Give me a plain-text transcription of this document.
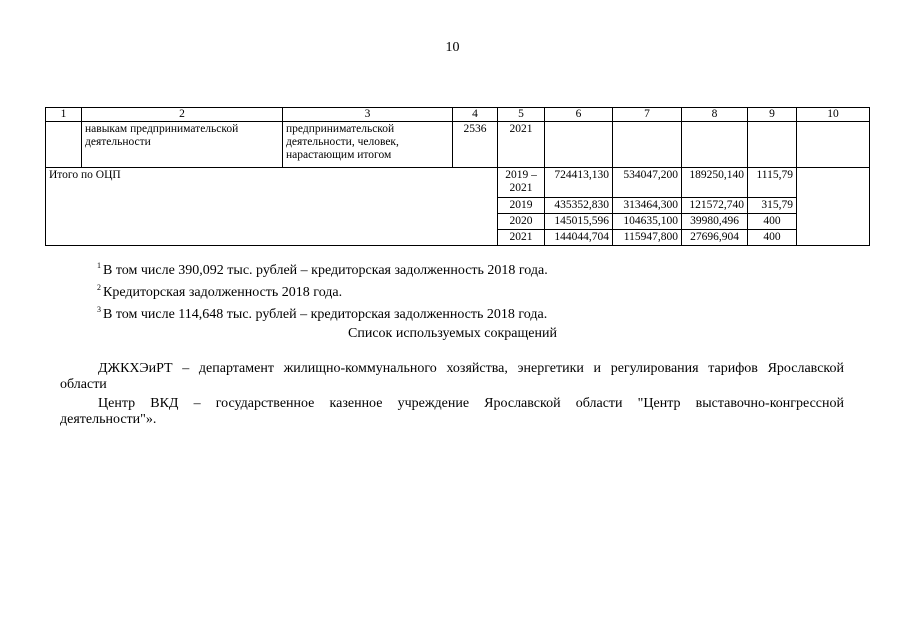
10
1	2	3	4	5	6	7	8	9	10
	навыкам предпринимательской деятельности	предпринимательской деятельности, человек, нарастающим итогом	2536	2021					
Итого по ОЦП				2019 – 2021	724413,130	534047,200	189250,140	1115,79	
				2019	435352,830	313464,300	121572,740	315,79	
				2020	145015,596	104635,100	39980,496	400	
				2021	144044,704	115947,800	27696,904	400	
$^1$ В том числе 390,092 тыс. рублей – кредиторская задолженность 2018 года.
$^2$ Кредиторская задолженность 2018 года.
$^3$ В том числе 114,648 тыс. рублей – кредиторская задолженность 2018 года.
Список используемых сокращений
ДЖКХЭиРТ – департамент жилищно-коммунального хозяйства, энергетики и регулирования тарифов Ярославской области
Центр ВКД – государственное казенное учреждение Ярославской области "Центр выставочно-конгрессной деятельности"».
